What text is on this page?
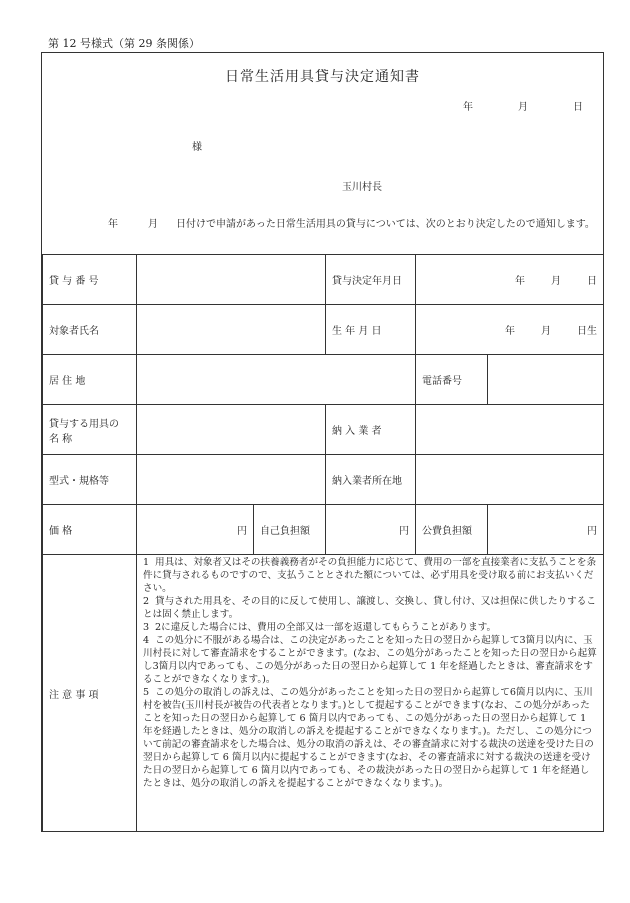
第 12 号様式（第 29 条関係）
日常生活用具貸与決定通知書
年	月	日
様
玉川村長
年	月 日付けで申請があった日常生活用具の貸与については、次のとおり決定したので通知します。
貸 与 番 号			貸与決定年月日	年 月 日	

対象者氏名			生 年 月 日	年 月 日生	

居 住 地				電話番号	

貸与する用具の
名 称			納 入 業 者		
型式・規格等			納入業者所在地		
価 格	円	自己負担額	円	公費負担額	円
注 意 事 項	1 用具は、対象者又はその扶養義務者がその負担能力に応じて、費用の一部を直接業者に支払うことを条件に貸与されるものですので、支払うこととされた額については、必ず用具を受け取る前にお支払いください。

2 貸与された用具を、その目的に反して使用し、譲渡し、交換し、貸し付け、又は担保に供したりすることは固く禁止します。

3 2に違反した場合には、費用の全部又は一部を返還してもらうことがあります。

4 この処分に不服がある場合は、この決定があったことを知った日の翌日から起算して3箇月以内に、玉川村長に対して審査請求をすることができます。(なお、この処分があったことを知った日の翌日から起算し3箇月以内であっても、この処分があった日の翌日から起算して 1 年を経過したときは、審査請求をすることができなくなります。)。

5 この処分の取消しの訴えは、この処分があったことを知った日の翌日から起算して6箇月以内に、玉川村を被告(玉川村長が被告の代表者となります。)として提起することができます(なお、この処分があったことを知った日の翌日から起算して 6 箇月以内であっても、この処分があった日の翌日から起算して 1 年を経過したときは、処分の取消しの訴えを提起することができなくなります。)。ただし、この処分について前記の審査請求をした場合は、処分の取消の訴えは、その審査請求に対する裁決の送達を受けた日の翌日から起算して 6 箇月以内に提起することができます(なお、その審査請求に対する裁決の送達を受けた日の翌日から起算して 6 箇月以内であっても、その裁決があった日の翌日から起算して 1 年を経過したときは、処分の取消しの訴えを提起することができなくなります。)。				
